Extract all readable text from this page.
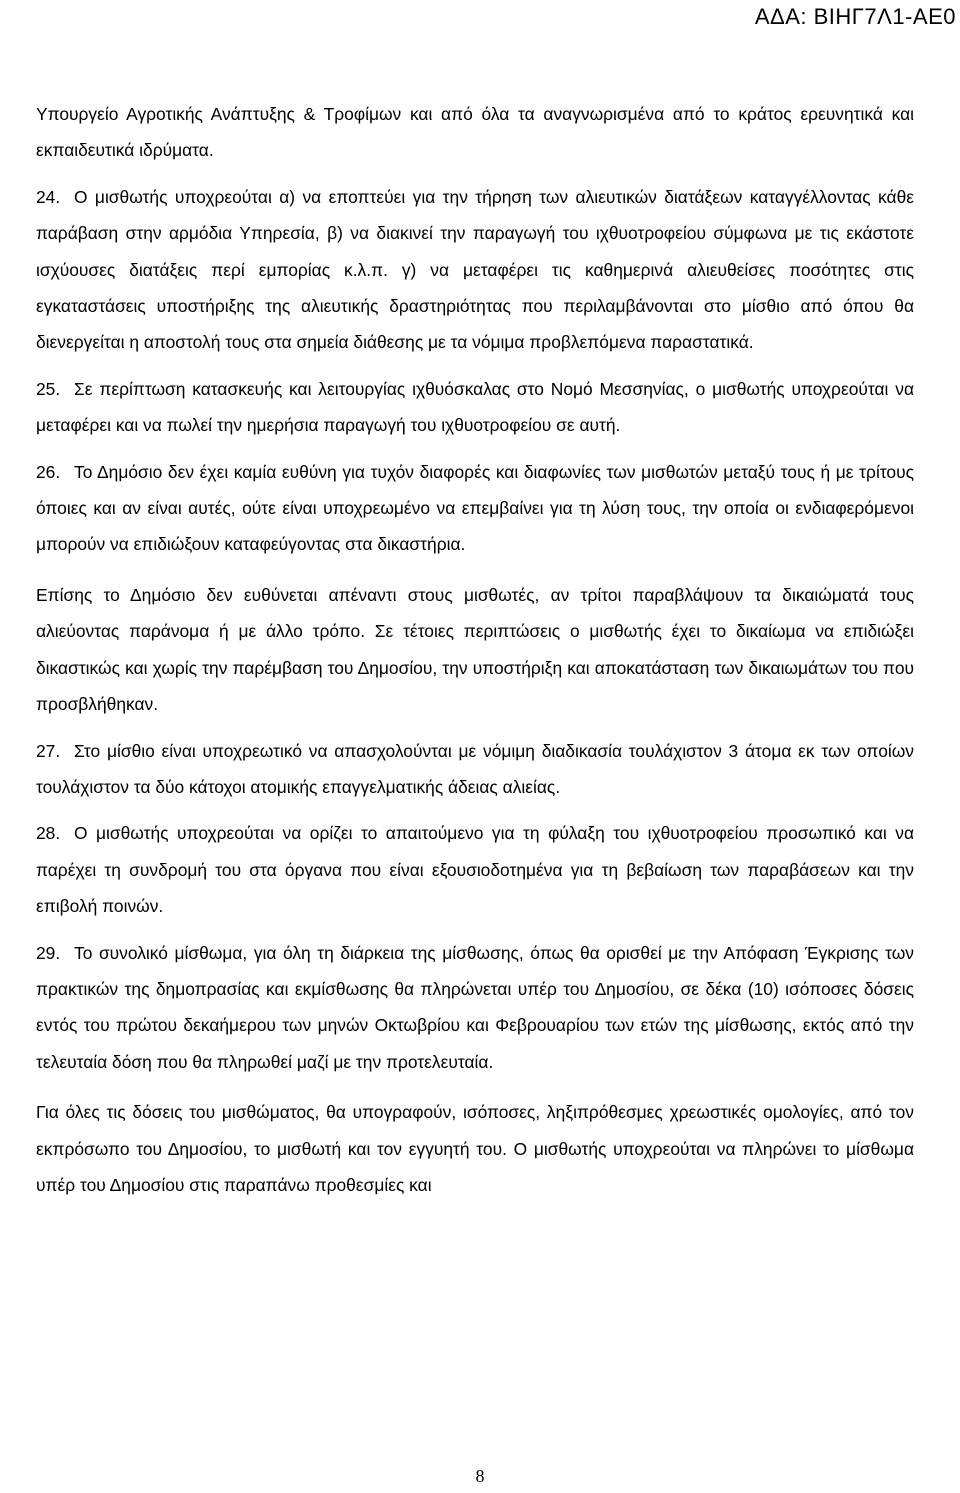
ΑΔΑ: ΒΙΗΓ7Λ1-ΑΕ0

Υπουργείο Αγροτικής Ανάπτυξης & Τροφίμων και από όλα τα αναγνωρισμένα από το κράτος ερευνητικά και εκπαιδευτικά ιδρύματα.

24. Ο μισθωτής υποχρεούται α) να εποπτεύει για την τήρηση των αλιευτικών διατάξεων καταγγέλλοντας κάθε παράβαση στην αρμόδια Υπηρεσία, β) να διακινεί την παραγωγή του ιχθυοτροφείου σύμφωνα με τις εκάστοτε ισχύουσες διατάξεις περί εμπορίας κ.λ.π. γ) να μεταφέρει τις καθημερινά αλιευθείσες ποσότητες στις εγκαταστάσεις υποστήριξης της αλιευτικής δραστηριότητας που περιλαμβάνονται στο μίσθιο από όπου θα διενεργείται η αποστολή τους στα σημεία διάθεσης με τα νόμιμα προβλεπόμενα παραστατικά.

25. Σε περίπτωση κατασκευής και λειτουργίας ιχθυόσκαλας στο Νομό Μεσσηνίας, ο μισθωτής υποχρεούται να μεταφέρει και να πωλεί την ημερήσια παραγωγή του ιχθυοτροφείου σε αυτή.

26. Το Δημόσιο δεν έχει καμία ευθύνη για τυχόν διαφορές και διαφωνίες των μισθωτών μεταξύ τους ή με τρίτους όποιες και αν είναι αυτές, ούτε είναι υποχρεωμένο να επεμβαίνει για τη λύση τους, την οποία οι ενδιαφερόμενοι μπορούν να επιδιώξουν καταφεύγοντας στα δικαστήρια.

Επίσης το Δημόσιο δεν ευθύνεται απέναντι στους μισθωτές, αν τρίτοι παραβλάψουν τα δικαιώματά τους αλιεύοντας παράνομα ή με άλλο τρόπο. Σε τέτοιες περιπτώσεις ο μισθωτής έχει το δικαίωμα να επιδιώξει δικαστικώς και χωρίς την παρέμβαση του Δημοσίου, την υποστήριξη και αποκατάσταση των δικαιωμάτων του που προσβλήθηκαν.

27. Στο μίσθιο είναι υποχρεωτικό να απασχολούνται με νόμιμη διαδικασία τουλάχιστον 3 άτομα εκ των οποίων τουλάχιστον τα δύο κάτοχοι ατομικής επαγγελματικής άδειας αλιείας.

28. Ο μισθωτής υποχρεούται να ορίζει το απαιτούμενο για τη φύλαξη του ιχθυοτροφείου προσωπικό και να παρέχει τη συνδρομή του στα όργανα που είναι εξουσιοδοτημένα για τη βεβαίωση των παραβάσεων και την επιβολή ποινών.

29. Το συνολικό μίσθωμα, για όλη τη διάρκεια της μίσθωσης, όπως θα ορισθεί με την Απόφαση Έγκρισης των πρακτικών της δημοπρασίας και εκμίσθωσης θα πληρώνεται υπέρ του Δημοσίου, σε δέκα (10) ισόποσες δόσεις εντός του πρώτου δεκαήμερου των μηνών Οκτωβρίου και Φεβρουαρίου των ετών της μίσθωσης, εκτός από την τελευταία δόση που θα πληρωθεί μαζί με την προτελευταία.

Για όλες τις δόσεις του μισθώματος, θα υπογραφούν, ισόποσες, ληξιπρόθεσμες χρεωστικές ομολογίες, από τον εκπρόσωπο του Δημοσίου, το μισθωτή και τον εγγυητή του. Ο μισθωτής υποχρεούται να πληρώνει το μίσθωμα υπέρ του Δημοσίου στις παραπάνω προθεσμίες και

8
